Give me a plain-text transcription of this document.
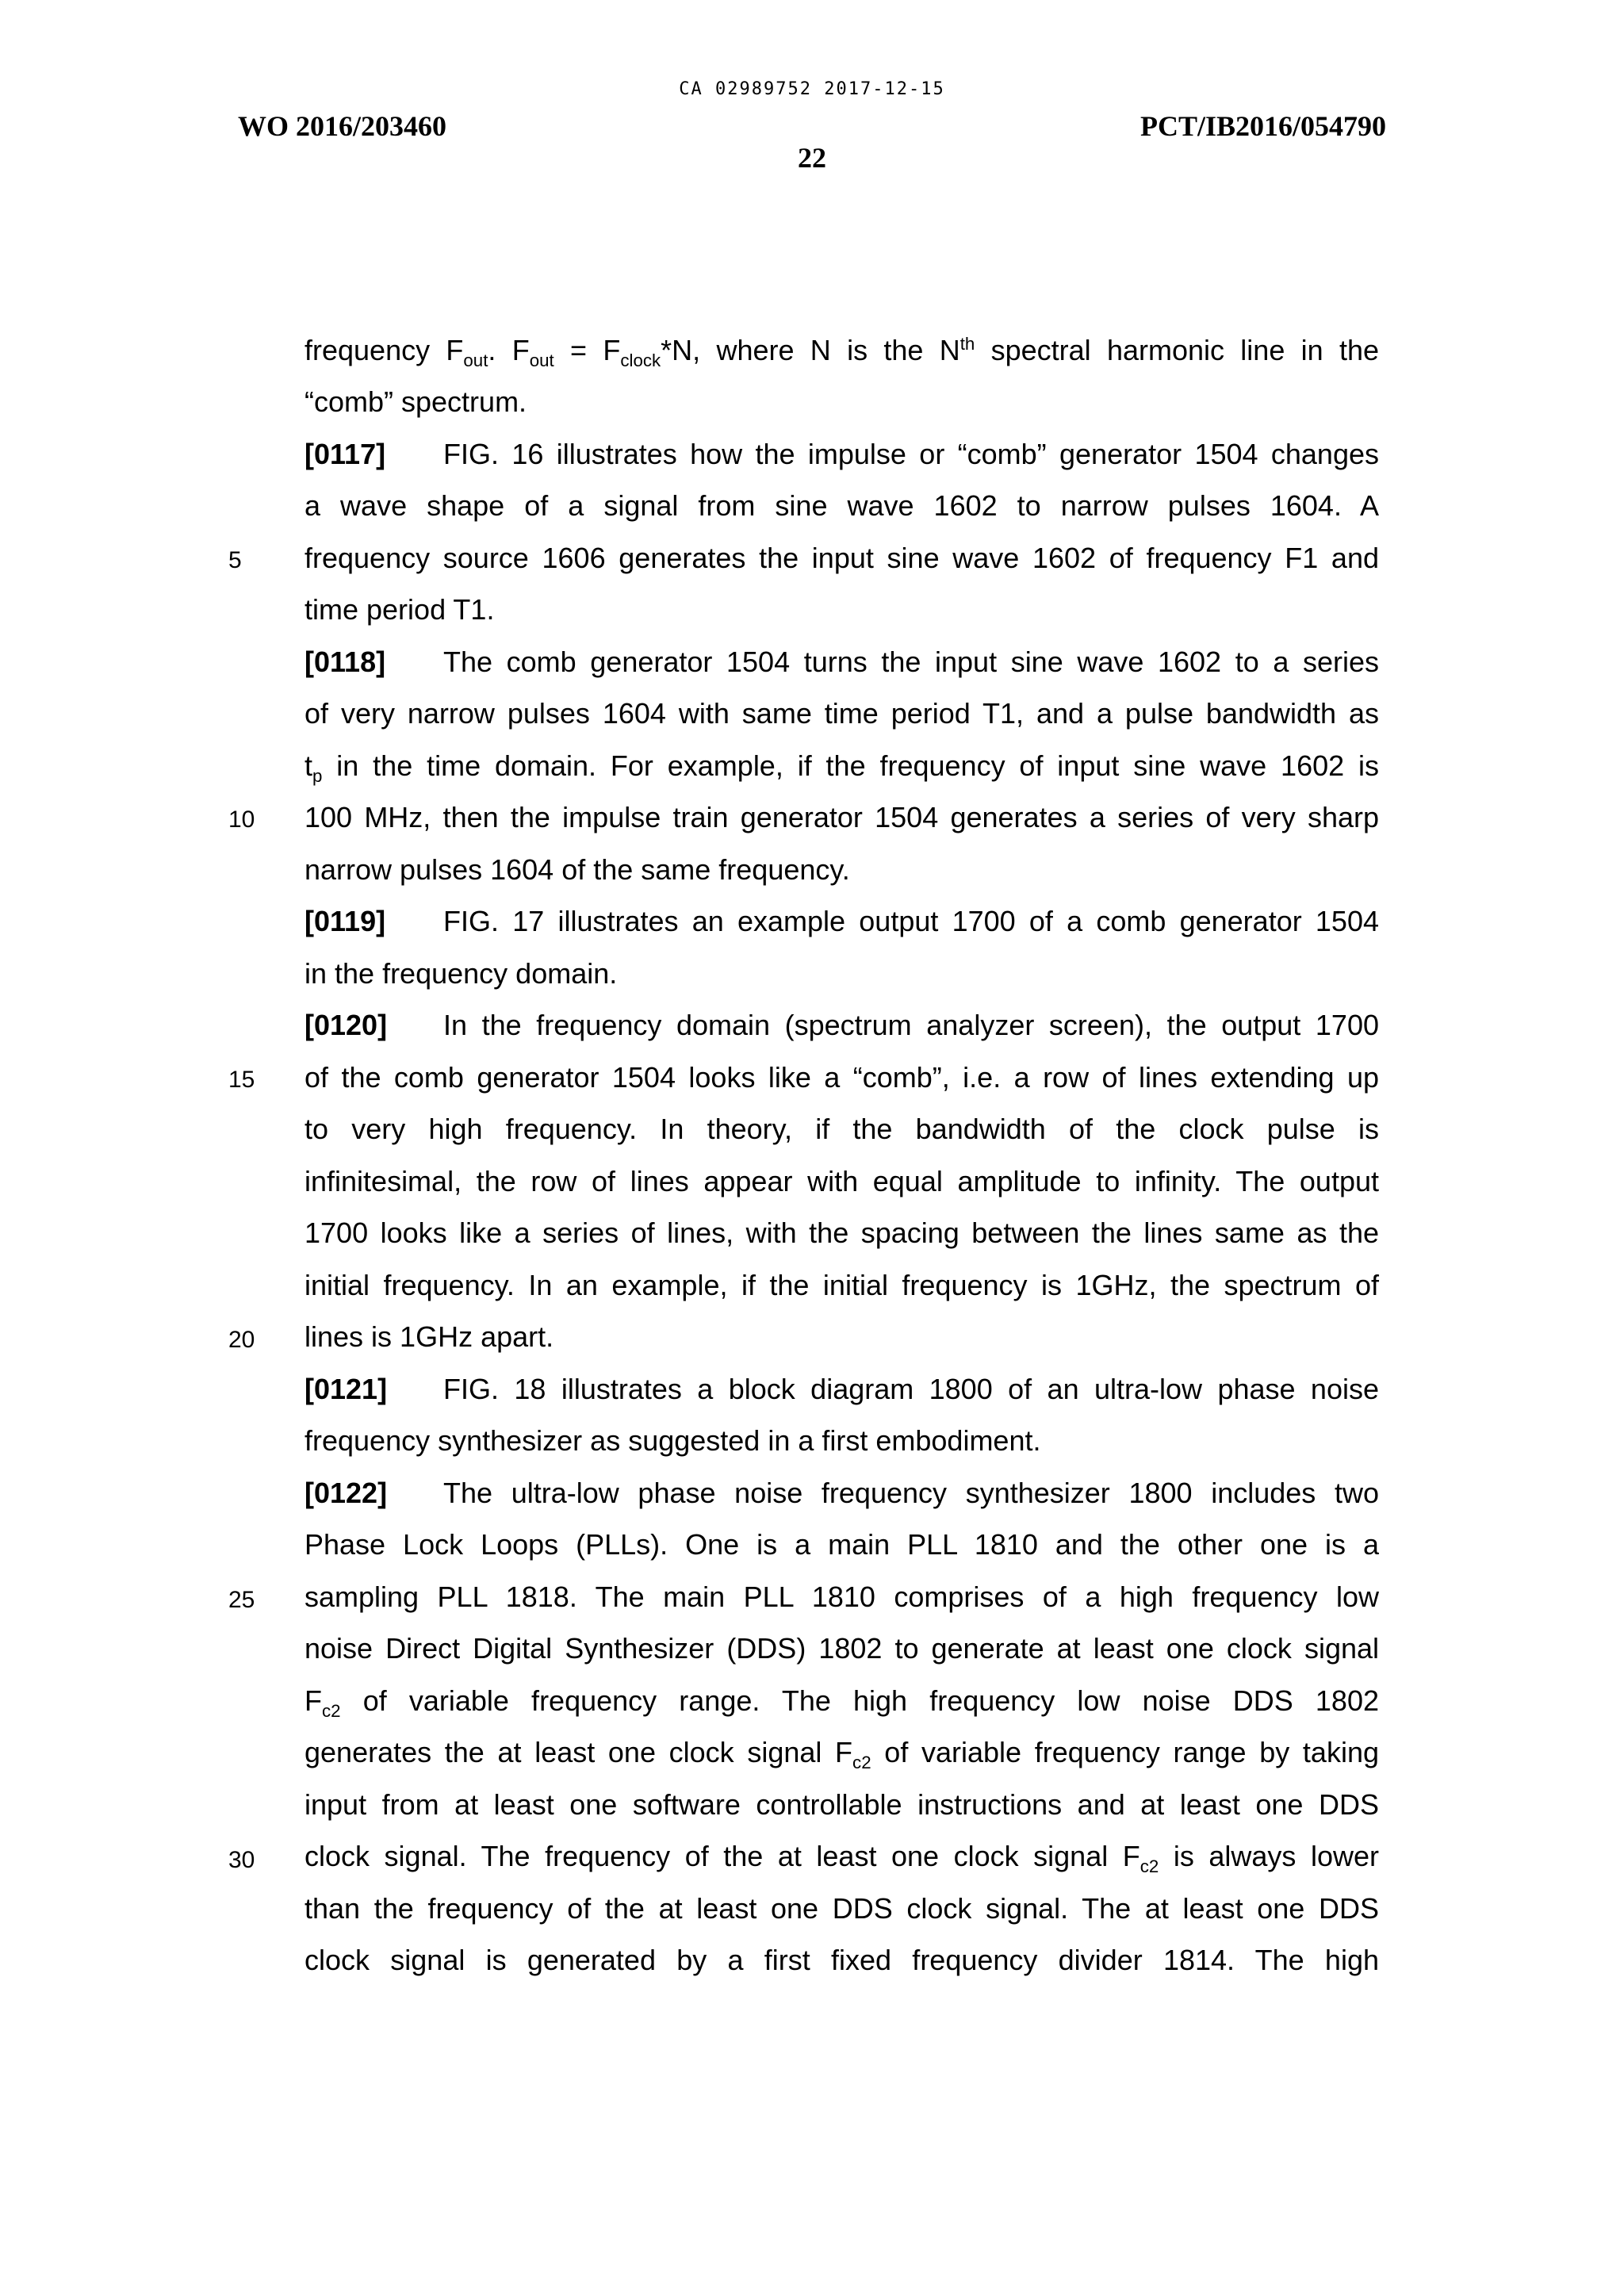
CA 02989752 2017-12-15
WO 2016/203460	PCT/IB2016/054790
22
5
10
15
20
25
30
frequency $F_{out}$. $F_{out} = F_{clock}*N$, where N is the $N^{th}$ spectral harmonic line in the
“comb” spectrum.
[0117] FIG. 16 illustrates how the impulse or “comb” generator 1504 changes
a wave shape of a signal from sine wave 1602 to narrow pulses 1604. A
frequency source 1606 generates the input sine wave 1602 of frequency F1 and
time period T1.
[0118] The comb generator 1504 turns the input sine wave 1602 to a series
of very narrow pulses 1604 with same time period T1, and a pulse bandwidth as
$t_p$ in the time domain. For example, if the frequency of input sine wave 1602 is
100 MHz, then the impulse train generator 1504 generates a series of very sharp
narrow pulses 1604 of the same frequency.
[0119] FIG. 17 illustrates an example output 1700 of a comb generator 1504
in the frequency domain.
[0120] In the frequency domain (spectrum analyzer screen), the output 1700
of the comb generator 1504 looks like a “comb”, i.e. a row of lines extending up
to very high frequency. In theory, if the bandwidth of the clock pulse is
infinitesimal, the row of lines appear with equal amplitude to infinity. The output
1700 looks like a series of lines, with the spacing between the lines same as the
initial frequency. In an example, if the initial frequency is 1GHz, the spectrum of
lines is 1GHz apart.
[0121] FIG. 18 illustrates a block diagram 1800 of an ultra-low phase noise
frequency synthesizer as suggested in a first embodiment.
[0122] The ultra-low phase noise frequency synthesizer 1800 includes two
Phase Lock Loops (PLLs). One is a main PLL 1810 and the other one is a
sampling PLL 1818. The main PLL 1810 comprises of a high frequency low
noise Direct Digital Synthesizer (DDS) 1802 to generate at least one clock signal
$F_{c2}$ of variable frequency range. The high frequency low noise DDS 1802
generates the at least one clock signal $F_{c2}$ of variable frequency range by taking
input from at least one software controllable instructions and at least one DDS
clock signal. The frequency of the at least one clock signal $F_{c2}$ is always lower
than the frequency of the at least one DDS clock signal. The at least one DDS
clock signal is generated by a first fixed frequency divider 1814. The high
